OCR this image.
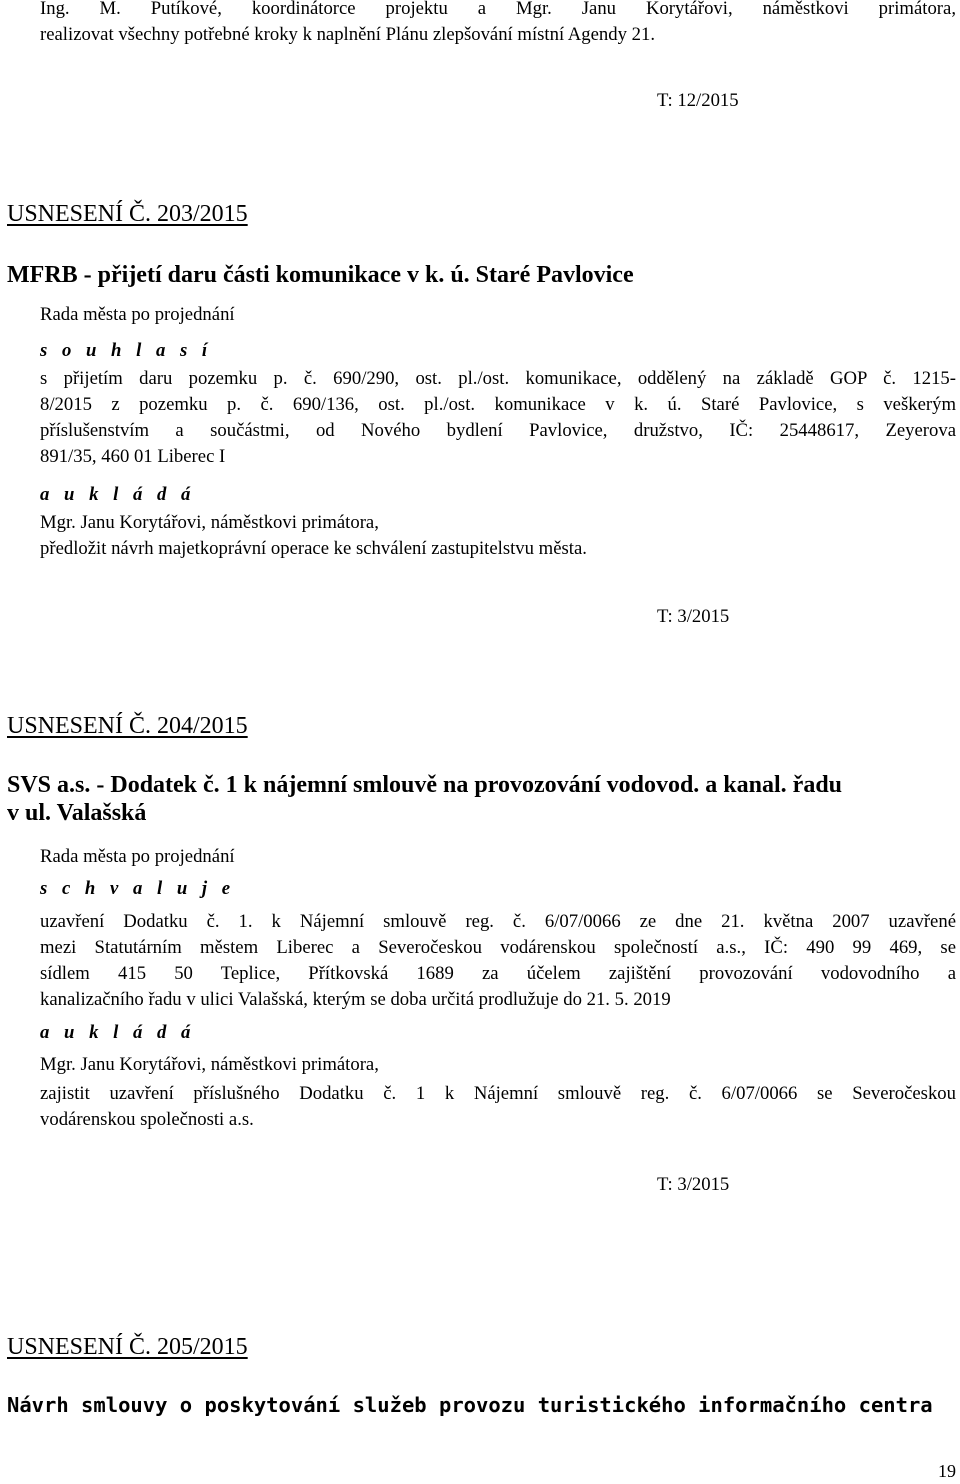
Ing. M. Putíkové, koordinátorce projektu a Mgr. Janu Korytářovi, náměstkovi primátora,
realizovat všechny potřebné kroky k naplnění Plánu zlepšování místní Agendy 21.
T: 12/2015
USNESENÍ Č. 203/2015
MFRB - přijetí daru části komunikace v k. ú. Staré Pavlovice
Rada města po projednání
s o u h l a s í
s přijetím daru pozemku p. č. 690/290, ost. pl./ost. komunikace, oddělený na základě GOP č. 1215-
8/2015 z pozemku p. č. 690/136, ost. pl./ost. komunikace v k. ú. Staré Pavlovice, s veškerým
příslušenstvím a součástmi, od Nového bydlení Pavlovice, družstvo, IČ: 25448617, Zeyerova
891/35, 460 01 Liberec I
a u k l á d á
Mgr. Janu Korytářovi, náměstkovi primátora,
předložit návrh majetkoprávní operace ke schválení zastupitelstvu města.
T: 3/2015
USNESENÍ Č. 204/2015
SVS a.s. - Dodatek č. 1 k nájemní smlouvě na provozování vodovod. a kanal. řadu
v ul. Valašská
Rada města po projednání
s c h v a l u j e
uzavření Dodatku č. 1. k Nájemní smlouvě reg. č. 6/07/0066 ze dne 21. května 2007 uzavřené
mezi Statutárním městem Liberec a Severočeskou vodárenskou společností a.s., IČ: 490 99 469, se
sídlem 415 50 Teplice, Přítkovská 1689 za účelem zajištění provozování vodovodního a
kanalizačního řadu v ulici Valašská, kterým se doba určitá prodlužuje do 21. 5. 2019
a u k l á d á
Mgr. Janu Korytářovi, náměstkovi primátora,
zajistit uzavření příslušného Dodatku č. 1 k Nájemní smlouvě reg. č. 6/07/0066 se Severočeskou
vodárenskou společnosti a.s.
T: 3/2015
USNESENÍ Č. 205/2015
Návrh smlouvy o poskytování služeb provozu turistického informačního centra
19
